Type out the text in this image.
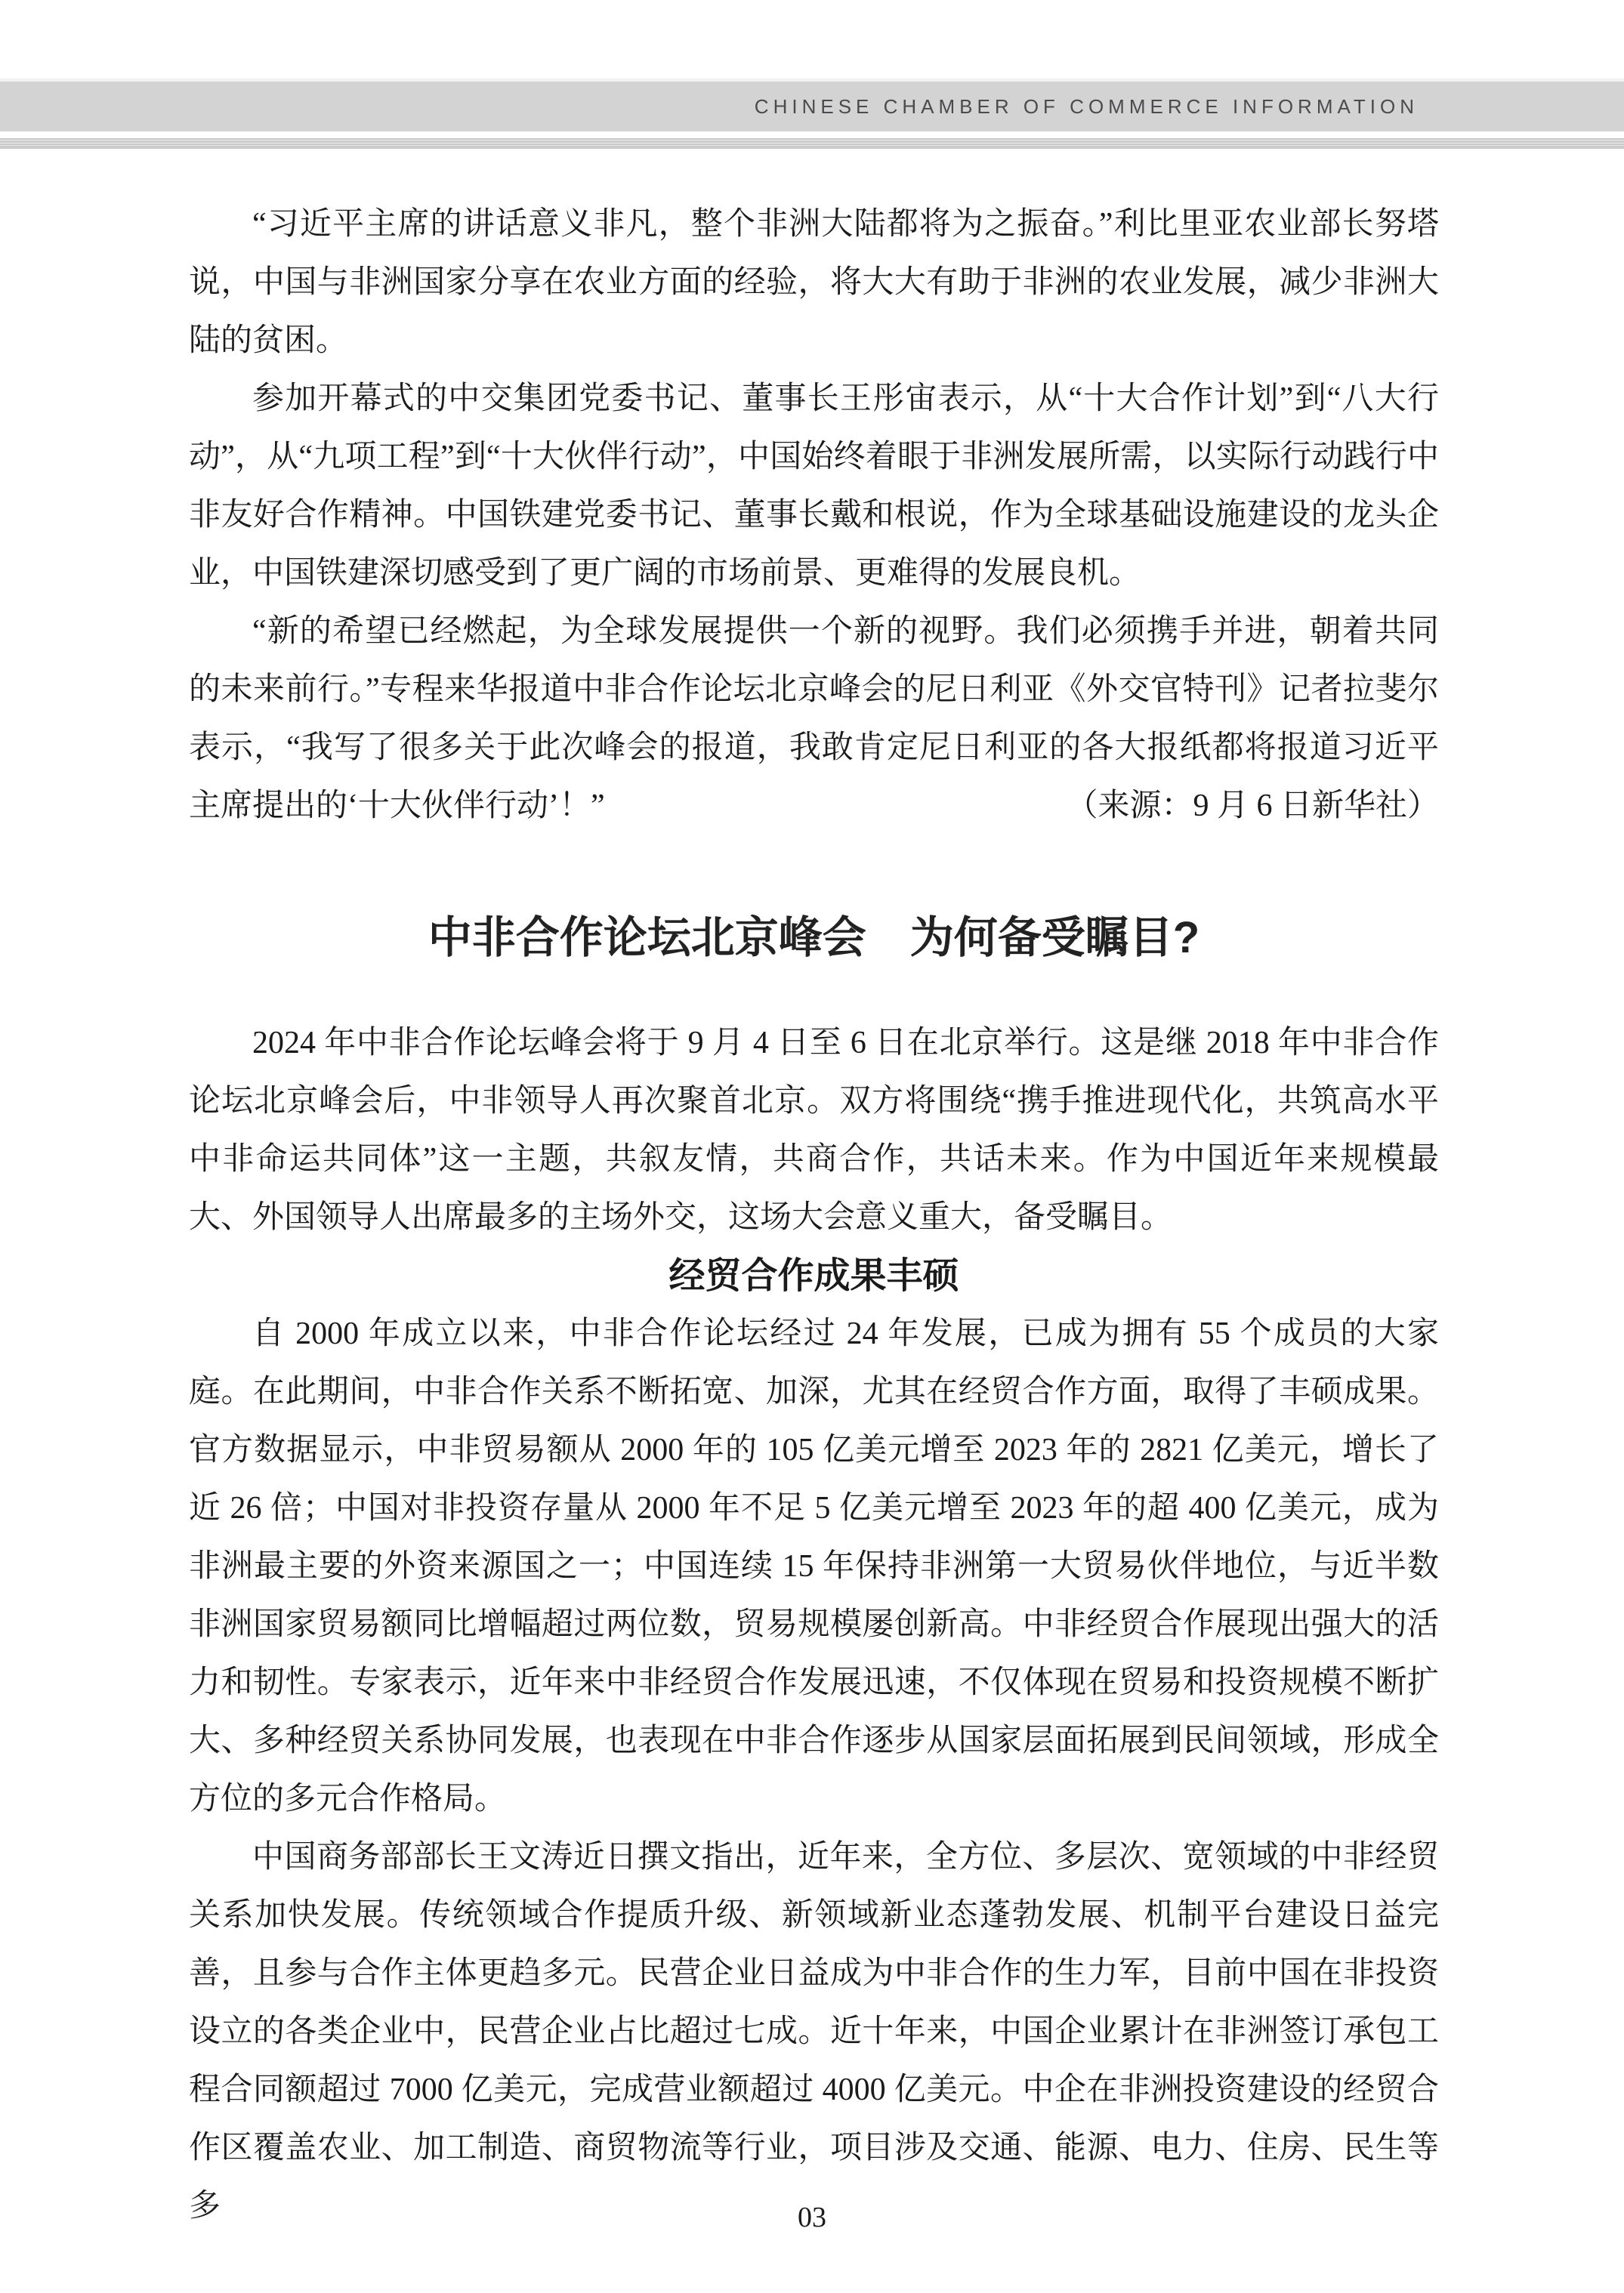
CHINESE CHAMBER OF COMMERCE INFORMATION

“习近平主席的讲话意义非凡，整个非洲大陆都将为之振奋。”利比里亚农业部长努塔说，中国与非洲国家分享在农业方面的经验，将大大有助于非洲的农业发展，减少非洲大陆的贫困。

参加开幕式的中交集团党委书记、董事长王彤宙表示，从“十大合作计划”到“八大行动”，从“九项工程”到“十大伙伴行动”，中国始终着眼于非洲发展所需，以实际行动践行中非友好合作精神。中国铁建党委书记、董事长戴和根说，作为全球基础设施建设的龙头企业，中国铁建深切感受到了更广阔的市场前景、更难得的发展良机。

“新的希望已经燃起，为全球发展提供一个新的视野。我们必须携手并进，朝着共同的未来前行。”专程来华报道中非合作论坛北京峰会的尼日利亚《外交官特刊》记者拉斐尔表示，“我写了很多关于此次峰会的报道，我敢肯定尼日利亚的各大报纸都将报道习近平主席提出的‘十大伙伴行动’！”	（来源：9 月 6 日新华社）

中非合作论坛北京峰会　为何备受瞩目?

2024 年中非合作论坛峰会将于 9 月 4 日至 6 日在北京举行。这是继 2018 年中非合作论坛北京峰会后，中非领导人再次聚首北京。双方将围绕“携手推进现代化，共筑高水平中非命运共同体”这一主题，共叙友情，共商合作，共话未来。作为中国近年来规模最大、外国领导人出席最多的主场外交，这场大会意义重大，备受瞩目。

经贸合作成果丰硕

自 2000 年成立以来，中非合作论坛经过 24 年发展，已成为拥有 55 个成员的大家庭。在此期间，中非合作关系不断拓宽、加深，尤其在经贸合作方面，取得了丰硕成果。官方数据显示，中非贸易额从 2000 年的 105 亿美元增至 2023 年的 2821 亿美元，增长了近 26 倍；中国对非投资存量从 2000 年不足 5 亿美元增至 2023 年的超 400 亿美元，成为非洲最主要的外资来源国之一；中国连续 15 年保持非洲第一大贸易伙伴地位，与近半数非洲国家贸易额同比增幅超过两位数，贸易规模屡创新高。中非经贸合作展现出强大的活力和韧性。专家表示，近年来中非经贸合作发展迅速，不仅体现在贸易和投资规模不断扩大、多种经贸关系协同发展，也表现在中非合作逐步从国家层面拓展到民间领域，形成全方位的多元合作格局。

中国商务部部长王文涛近日撰文指出，近年来，全方位、多层次、宽领域的中非经贸关系加快发展。传统领域合作提质升级、新领域新业态蓬勃发展、机制平台建设日益完善，且参与合作主体更趋多元。民营企业日益成为中非合作的生力军，目前中国在非投资设立的各类企业中，民营企业占比超过七成。近十年来，中国企业累计在非洲签订承包工程合同额超过 7000 亿美元，完成营业额超过 4000 亿美元。中企在非洲投资建设的经贸合作区覆盖农业、加工制造、商贸物流等行业，项目涉及交通、能源、电力、住房、民生等多	03
